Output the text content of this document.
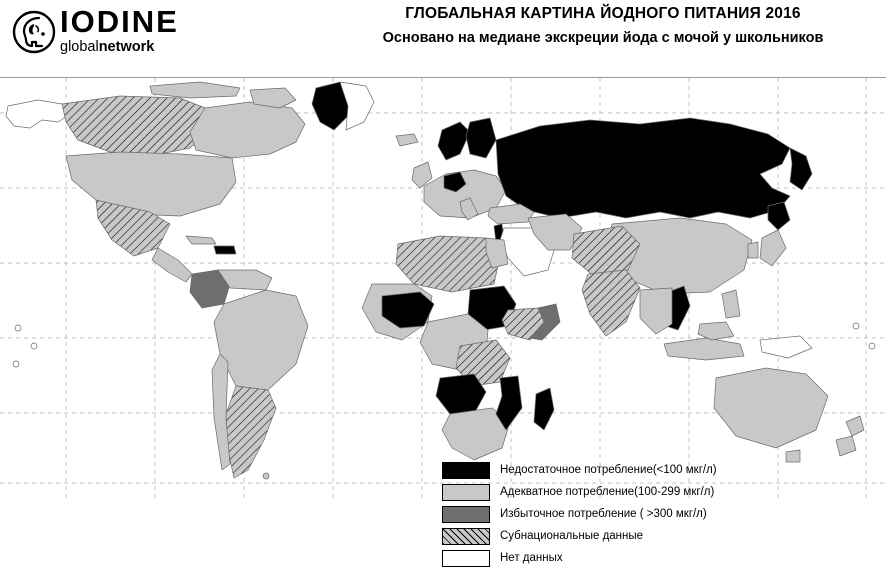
IODINE
globalnetwork
ГЛОБАЛЬНАЯ КАРТИНА ЙОДНОГО ПИТАНИЯ 2016
Основано на медиане экскреции йода с мочой у школьников
Недостаточное потребление(<100 мкг/л)
Адекватное потребление(100-299 мкг/л)
Избыточное потребление ( >300 мкг/л)
Субнациональные данные
Нет данных
